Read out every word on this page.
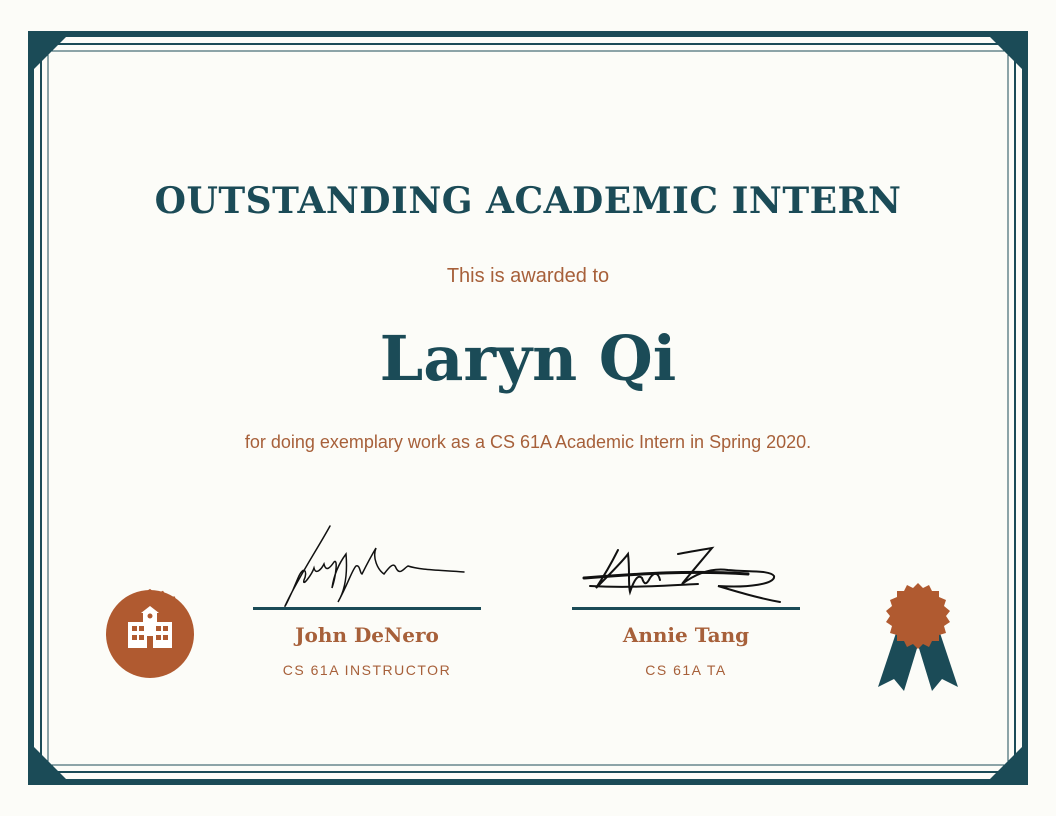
OUTSTANDING ACADEMIC INTERN
This is awarded to
Laryn Qi
for doing exemplary work as a CS 61A Academic Intern in Spring 2020.
John DeNero
CS 61A INSTRUCTOR
Annie Tang
CS 61A TA
